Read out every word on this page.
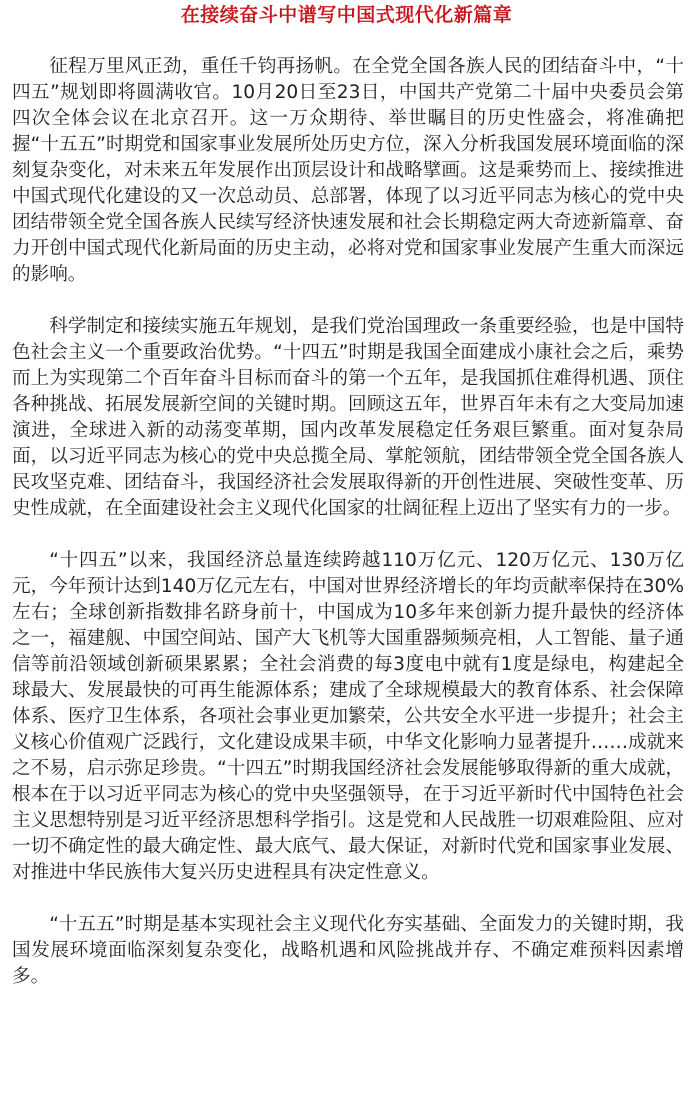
在接续奋斗中谱写中国式现代化新篇章

征程万里风正劲，重任千钧再扬帆。在全党全国各族人民的团结奋斗中，“十四五”规划即将圆满收官。10月20日至23日，中国共产党第二十届中央委员会第四次全体会议在北京召开。这一万众期待、举世瞩目的历史性盛会，将准确把握“十五五”时期党和国家事业发展所处历史方位，深入分析我国发展环境面临的深刻复杂变化，对未来五年发展作出顶层设计和战略擘画。这是乘势而上、接续推进中国式现代化建设的又一次总动员、总部署，体现了以习近平同志为核心的党中央团结带领全党全国各族人民续写经济快速发展和社会长期稳定两大奇迹新篇章、奋力开创中国式现代化新局面的历史主动，必将对党和国家事业发展产生重大而深远的影响。

科学制定和接续实施五年规划，是我们党治国理政一条重要经验，也是中国特色社会主义一个重要政治优势。“十四五”时期是我国全面建成小康社会之后，乘势而上为实现第二个百年奋斗目标而奋斗的第一个五年，是我国抓住难得机遇、顶住各种挑战、拓展发展新空间的关键时期。回顾这五年，世界百年未有之大变局加速演进，全球进入新的动荡变革期，国内改革发展稳定任务艰巨繁重。面对复杂局面，以习近平同志为核心的党中央总揽全局、掌舵领航，团结带领全党全国各族人民攻坚克难、团结奋斗，我国经济社会发展取得新的开创性进展、突破性变革、历史性成就，在全面建设社会主义现代化国家的壮阔征程上迈出了坚实有力的一步。

“十四五”以来，我国经济总量连续跨越110万亿元、120万亿元、130万亿元，今年预计达到140万亿元左右，中国对世界经济增长的年均贡献率保持在30%左右；全球创新指数排名跻身前十，中国成为10多年来创新力提升最快的经济体之一，福建舰、中国空间站、国产大飞机等大国重器频频亮相，人工智能、量子通信等前沿领域创新硕果累累；全社会消费的每3度电中就有1度是绿电，构建起全球最大、发展最快的可再生能源体系；建成了全球规模最大的教育体系、社会保障体系、医疗卫生体系，各项社会事业更加繁荣，公共安全水平进一步提升；社会主义核心价值观广泛践行，文化建设成果丰硕，中华文化影响力显著提升……成就来之不易，启示弥足珍贵。“十四五”时期我国经济社会发展能够取得新的重大成就，根本在于以习近平同志为核心的党中央坚强领导，在于习近平新时代中国特色社会主义思想特别是习近平经济思想科学指引。这是党和人民战胜一切艰难险阻、应对一切不确定性的最大确定性、最大底气、最大保证，对新时代党和国家事业发展、对推进中华民族伟大复兴历史进程具有决定性意义。

“十五五”时期是基本实现社会主义现代化夯实基础、全面发力的关键时期，我国发展环境面临深刻复杂变化，战略机遇和风险挑战并存、不确定难预料因素增多。
